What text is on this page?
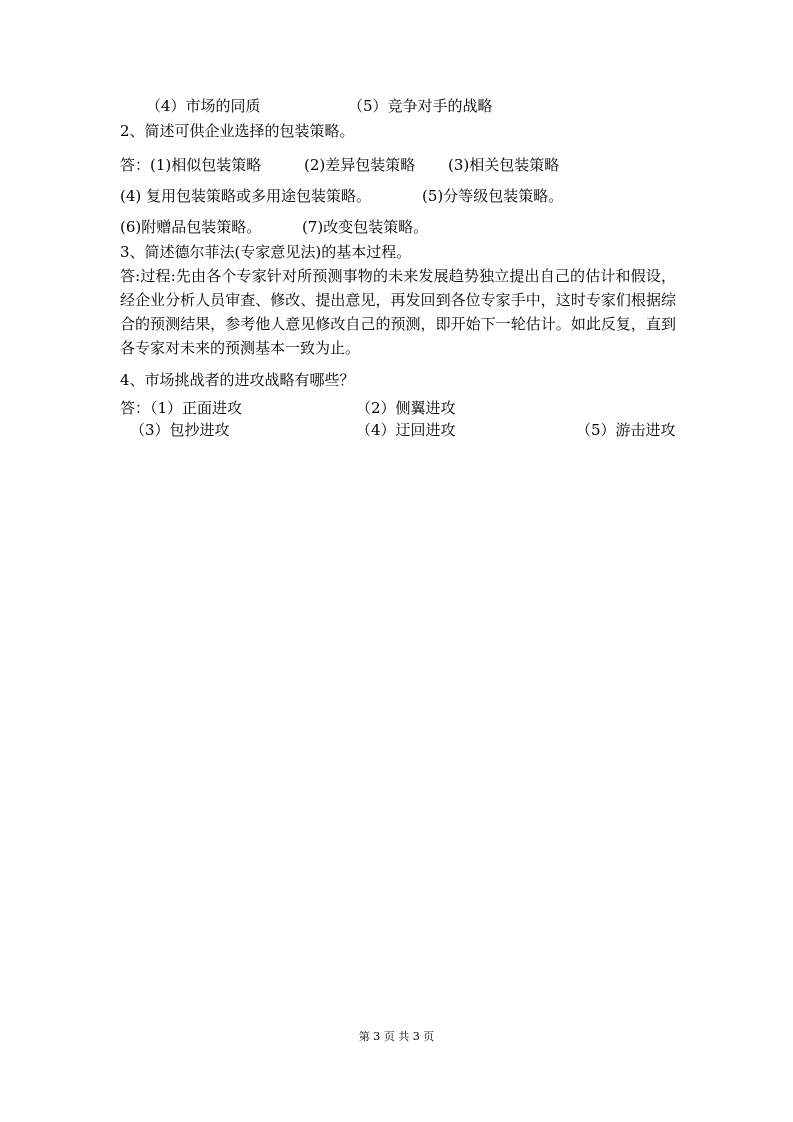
（4）市场的同质	（5）竞争对手的战略
2、简述可供企业选择的包装策略。
答：(1)相似包装策略	(2)差异包装策略 (3)相关包装策略
(4) 复用包装策略或多用途包装策略。	(5)分等级包装策略。
(6)附赠品包装策略。	(7)改变包装策略。
3、简述德尔菲法(专家意见法)的基本过程。
答:过程:先由各个专家针对所预测事物的未来发展趋势独立提出自己的估计和假设，经企业分析人员审查、修改、提出意见，再发回到各位专家手中，这时专家们根据综合的预测结果，参考他人意见修改自己的预测，即开始下一轮估计。如此反复，直到各专家对未来的预测基本一致为止。
4、市场挑战者的进攻战略有哪些？
答：（1）正面进攻	（2）侧翼进攻
（3）包抄进攻	（4）迂回进攻	（5）游击进攻
第 3 页 共 3 页
